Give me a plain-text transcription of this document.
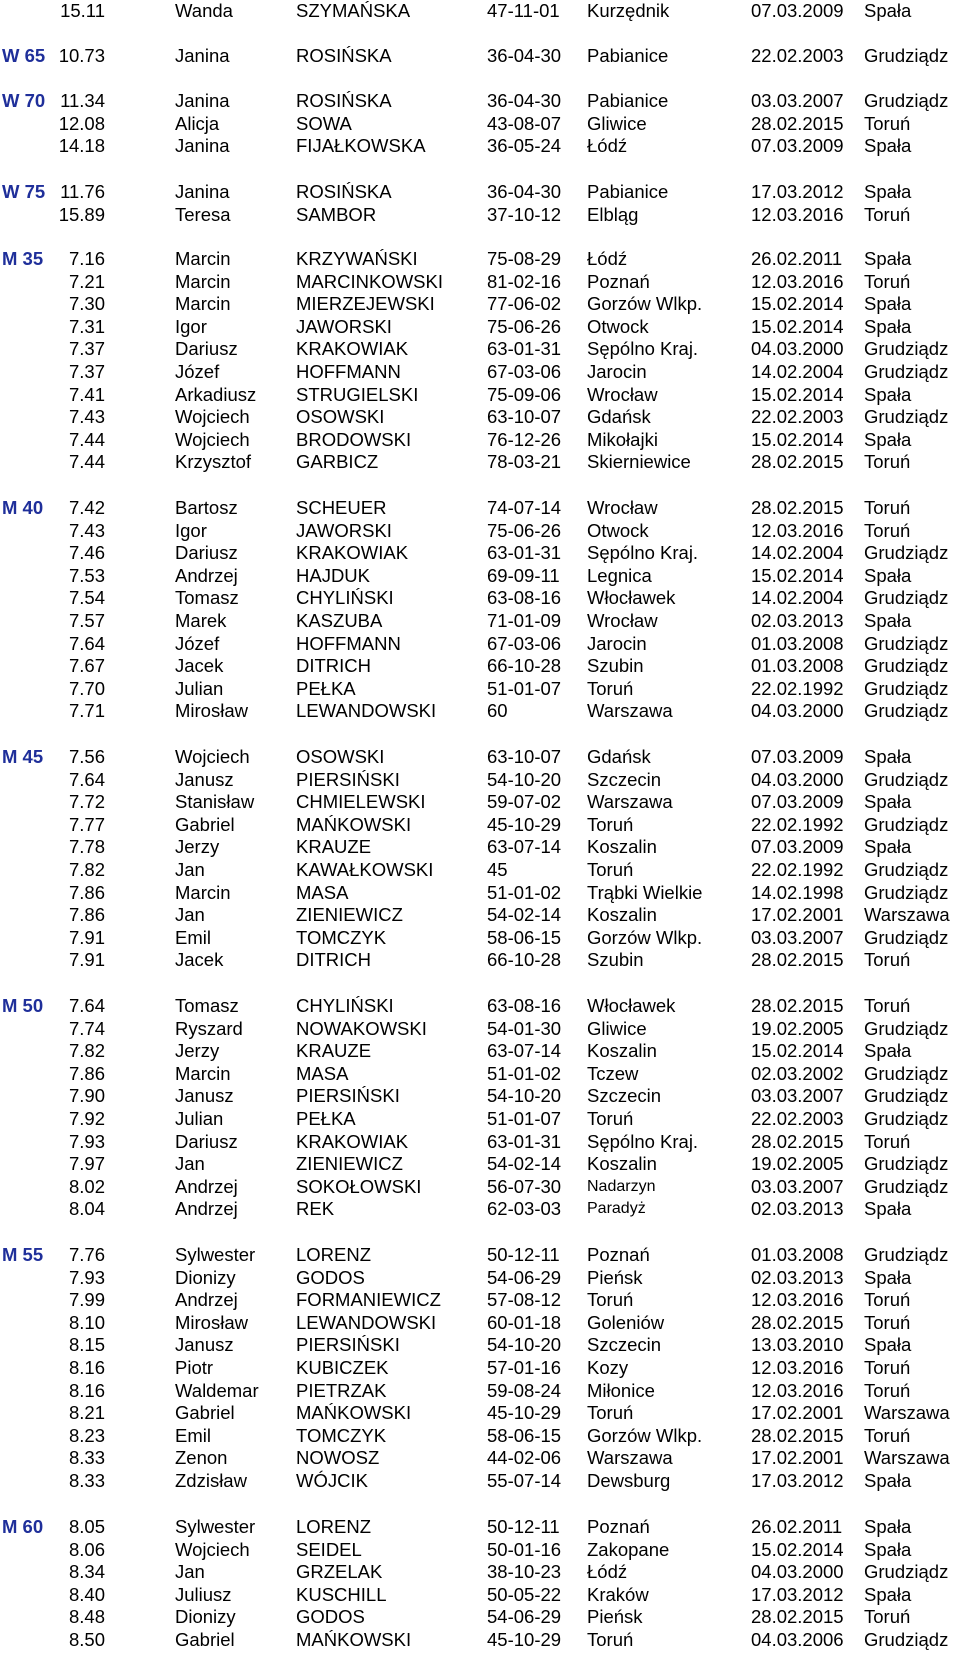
15.11	Wanda	SZYMAŃSKA	47-11-01 Kurzędnik	07.03.2009 Spała
W 65 10.73	Janina	ROSIŃSKA	36-04-30 Pabianice	22.02.2003 Grudziądz
W 70 11.34	Janina	ROSIŃSKA	36-04-30 Pabianice	03.03.2007 Grudziądz
12.08	Alicja	SOWA	43-08-07 Gliwice	28.02.2015 Toruń
14.18	Janina	FIJAŁKOWSKA	36-05-24 Łódź	07.03.2009 Spała
W 75 11.76	Janina	ROSIŃSKA	36-04-30 Pabianice	17.03.2012 Spała
15.89	Teresa	SAMBOR	37-10-12 Elbląg	12.03.2016 Toruń
M 35	7.16	Marcin	KRZYWAŃSKI	75-08-29 Łódź	26.02.2011 Spała
7.21	Marcin	MARCINKOWSKI 81-02-16 Poznań	12.03.2016 Toruń
7.30	Marcin	MIERZEJEWSKI	77-06-02 Gorzów Wlkp.	15.02.2014 Spała
7.31	Igor	JAWORSKI	75-06-26 Otwock	15.02.2014 Spała
7.37	Dariusz	KRAKOWIAK	63-01-31 Sępólno Kraj.	04.03.2000 Grudziądz
7.37	Józef	HOFFMANN	67-03-06 Jarocin	14.02.2004 Grudziądz
7.41	Arkadiusz STRUGIELSKI	75-09-06 Wrocław	15.02.2014 Spała
7.43	Wojciech	OSOWSKI	63-10-07 Gdańsk	22.02.2003 Grudziądz
7.44	Wojciech	BRODOWSKI	76-12-26 Mikołajki	15.02.2014 Spała
7.44	Krzysztof GARBICZ	78-03-21 Skierniewice	28.02.2015 Toruń
M 40	7.42	Bartosz	SCHEUER	74-07-14 Wrocław	28.02.2015 Toruń
7.43	Igor	JAWORSKI	75-06-26 Otwock	12.03.2016 Toruń
7.46	Dariusz	KRAKOWIAK	63-01-31 Sępólno Kraj.	14.02.2004 Grudziądz
7.53	Andrzej	HAJDUK	69-09-11 Legnica	15.02.2014 Spała
7.54	Tomasz	CHYLIŃSKI	63-08-16 Włocławek	14.02.2004 Grudziądz
7.57	Marek	KASZUBA	71-01-09 Wrocław	02.03.2013 Spała
7.64	Józef	HOFFMANN	67-03-06 Jarocin	01.03.2008 Grudziądz
7.67	Jacek	DITRICH	66-10-28 Szubin	01.03.2008 Grudziądz
7.70	Julian	PEŁKA	51-01-07 Toruń	22.02.1992 Grudziądz
7.71	Mirosław	LEWANDOWSKI	60	Warszawa	04.03.2000 Grudziądz
M 45	7.56	Wojciech	OSOWSKI	63-10-07 Gdańsk	07.03.2009 Spała
7.64	Janusz	PIERSIŃSKI	54-10-20 Szczecin	04.03.2000 Grudziądz
7.72	Stanisław CHMIELEWSKI	59-07-02 Warszawa	07.03.2009 Spała
7.77	Gabriel	MAŃKOWSKI	45-10-29 Toruń	22.02.1992 Grudziądz
7.78	Jerzy	KRAUZE	63-07-14 Koszalin	07.03.2009 Spała
7.82	Jan	KAWAŁKOWSKI	45	Toruń	22.02.1992 Grudziądz
7.86	Marcin	MASA	51-01-02 Trąbki Wielkie	14.02.1998 Grudziądz
7.86	Jan	ZIENIEWICZ	54-02-14 Koszalin	17.02.2001 Warszawa
7.91	Emil	TOMCZYK	58-06-15 Gorzów Wlkp.	03.03.2007 Grudziądz
7.91	Jacek	DITRICH	66-10-28 Szubin	28.02.2015 Toruń
M 50	7.64	Tomasz	CHYLIŃSKI	63-08-16 Włocławek	28.02.2015 Toruń
7.74	Ryszard	NOWAKOWSKI	54-01-30 Gliwice	19.02.2005 Grudziądz
7.82	Jerzy	KRAUZE	63-07-14 Koszalin	15.02.2014 Spała
7.86	Marcin	MASA	51-01-02 Tczew	02.03.2002 Grudziądz
7.90	Janusz	PIERSIŃSKI	54-10-20 Szczecin	03.03.2007 Grudziądz
7.92	Julian	PEŁKA	51-01-07 Toruń	22.02.2003 Grudziądz
7.93	Dariusz	KRAKOWIAK	63-01-31 Sępólno Kraj.	28.02.2015 Toruń
7.97	Jan	ZIENIEWICZ	54-02-14 Koszalin	19.02.2005 Grudziądz
8.02	Andrzej	SOKOŁOWSKI	56-07-30 Nadarzyn	03.03.2007 Grudziądz
8.04	Andrzej	REK	62-03-03 Paradyż	02.03.2013 Spała
M 55	7.76	Sylwester LORENZ	50-12-11 Poznań	01.03.2008 Grudziądz
7.93	Dionizy	GODOS	54-06-29 Pieńsk	02.03.2013 Spała
7.99	Andrzej	FORMANIEWICZ 57-08-12 Toruń	12.03.2016 Toruń
8.10	Mirosław	LEWANDOWSKI	60-01-18 Goleniów	28.02.2015 Toruń
8.15	Janusz	PIERSIŃSKI	54-10-20 Szczecin	13.03.2010 Spała
8.16	Piotr	KUBICZEK	57-01-16 Kozy	12.03.2016 Toruń
8.16	Waldemar PIETRZAK	59-08-24 Miłonice	12.03.2016 Toruń
8.21	Gabriel	MAŃKOWSKI	45-10-29 Toruń	17.02.2001 Warszawa
8.23	Emil	TOMCZYK	58-06-15 Gorzów Wlkp.	28.02.2015 Toruń
8.33	Zenon	NOWOSZ	44-02-06 Warszawa	17.02.2001 Warszawa
8.33	Zdzisław	WÓJCIK	55-07-14 Dewsburg	17.03.2012 Spała
M 60	8.05	Sylwester LORENZ	50-12-11 Poznań	26.02.2011 Spała
8.06	Wojciech	SEIDEL	50-01-16 Zakopane	15.02.2014 Spała
8.34	Jan	GRZELAK	38-10-23 Łódź	04.03.2000 Grudziądz
8.40	Juliusz	KUSCHILL	50-05-22 Kraków	17.03.2012 Spała
8.48	Dionizy	GODOS	54-06-29 Pieńsk	28.02.2015 Toruń
8.50	Gabriel	MAŃKOWSKI	45-10-29 Toruń	04.03.2006 Grudziądz
